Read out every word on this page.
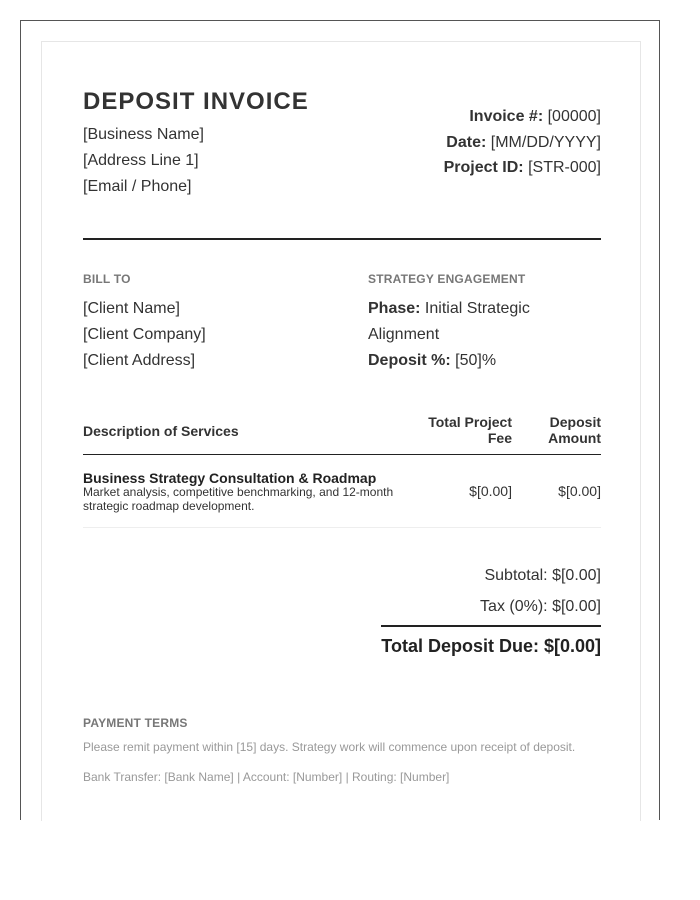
DEPOSIT INVOICE
[Business Name]
[Address Line 1]
[Email / Phone]
Invoice #: [00000]
Date: [MM/DD/YYYY]
Project ID: [STR-000]
BILL TO
[Client Name]
[Client Company]
[Client Address]
STRATEGY ENGAGEMENT
Phase: Initial Strategic
Alignment
Deposit %: [50]%
Description of Services
Total Project
Fee
Deposit
Amount
Business Strategy Consultation & Roadmap
Market analysis, competitive benchmarking, and 12-month strategic roadmap development.
$[0.00]	$[0.00]
Subtotal: $[0.00]
Tax (0%): $[0.00]
Total Deposit Due: $[0.00]
PAYMENT TERMS
Please remit payment within [15] days. Strategy work will commence upon receipt of deposit.
Bank Transfer: [Bank Name] | Account: [Number] | Routing: [Number]
